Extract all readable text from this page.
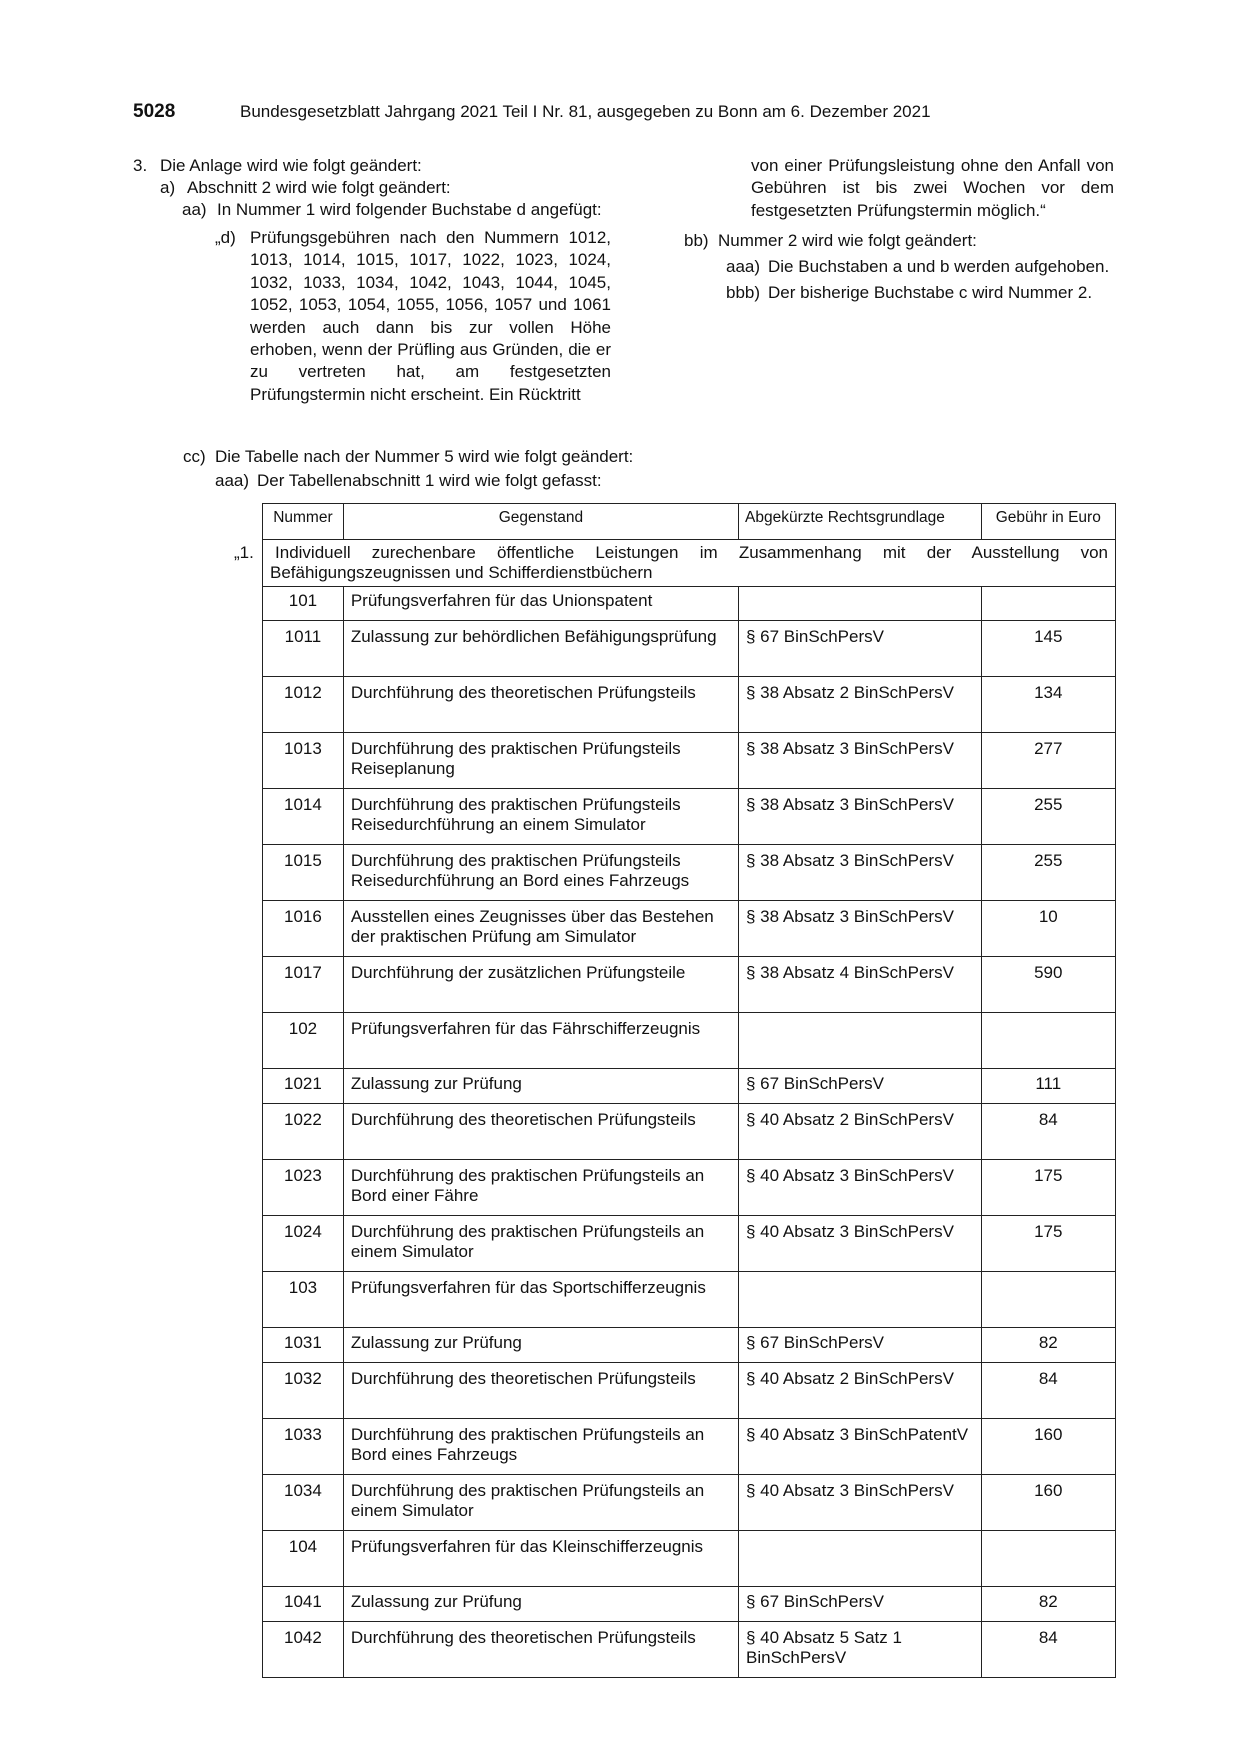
5028	Bundesgesetzblatt Jahrgang 2021 Teil I Nr. 81, ausgegeben zu Bonn am 6. Dezember 2021
3. Die Anlage wird wie folgt geändert:
a) Abschnitt 2 wird wie folgt geändert:
aa) In Nummer 1 wird folgender Buchstabe d angefügt:
„d) Prüfungsgebühren nach den Nummern 1012, 1013, 1014, 1015, 1017, 1022, 1023, 1024, 1032, 1033, 1034, 1042, 1043, 1044, 1045, 1052, 1053, 1054, 1055, 1056, 1057 und 1061 werden auch dann bis zur vollen Höhe erhoben, wenn der Prüfling aus Gründen, die er zu vertreten hat, am festgesetzten Prüfungstermin nicht erscheint. Ein Rücktritt
von einer Prüfungsleistung ohne den Anfall von Gebühren ist bis zwei Wochen vor dem festgesetzten Prüfungstermin möglich.“
bb) Nummer 2 wird wie folgt geändert:
aaa) Die Buchstaben a und b werden aufgehoben.
bbb) Der bisherige Buchstabe c wird Nummer 2.
cc) Die Tabelle nach der Nummer 5 wird wie folgt geändert:
aaa) Der Tabellenabschnitt 1 wird wie folgt gefasst:
Nummer	Gegenstand	Abgekürzte Rechtsgrundlage	Gebühr in Euro
„1. Individuell zurechenbare öffentliche Leistungen im Zusammenhang mit der Ausstellung von Befähigungszeugnissen und Schifferdienstbüchern			
101	Prüfungsverfahren für das Unionspatent		
1011	Zulassung zur behördlichen Befähigungsprüfung	§ 67 BinSchPersV	145
1012	Durchführung des theoretischen Prüfungsteils	§ 38 Absatz 2 BinSchPersV	134
1013	Durchführung des praktischen Prüfungsteils Reiseplanung	§ 38 Absatz 3 BinSchPersV	277
1014	Durchführung des praktischen Prüfungsteils Reisedurchführung an einem Simulator	§ 38 Absatz 3 BinSchPersV	255
1015	Durchführung des praktischen Prüfungsteils Reisedurchführung an Bord eines Fahrzeugs	§ 38 Absatz 3 BinSchPersV	255
1016	Ausstellen eines Zeugnisses über das Bestehen der praktischen Prüfung am Simulator	§ 38 Absatz 3 BinSchPersV	10
1017	Durchführung der zusätzlichen Prüfungsteile	§ 38 Absatz 4 BinSchPersV	590
102	Prüfungsverfahren für das Fährschifferzeugnis		
1021	Zulassung zur Prüfung	§ 67 BinSchPersV	111
1022	Durchführung des theoretischen Prüfungsteils	§ 40 Absatz 2 BinSchPersV	84
1023	Durchführung des praktischen Prüfungsteils an Bord einer Fähre	§ 40 Absatz 3 BinSchPersV	175
1024	Durchführung des praktischen Prüfungsteils an einem Simulator	§ 40 Absatz 3 BinSchPersV	175
103	Prüfungsverfahren für das Sportschifferzeugnis		
1031	Zulassung zur Prüfung	§ 67 BinSchPersV	82
1032	Durchführung des theoretischen Prüfungsteils	§ 40 Absatz 2 BinSchPersV	84
1033	Durchführung des praktischen Prüfungsteils an Bord eines Fahrzeugs	§ 40 Absatz 3 BinSchPatentV	160
1034	Durchführung des praktischen Prüfungsteils an einem Simulator	§ 40 Absatz 3 BinSchPersV	160
104	Prüfungsverfahren für das Kleinschifferzeugnis		
1041	Zulassung zur Prüfung	§ 67 BinSchPersV	82
1042	Durchführung des theoretischen Prüfungsteils	§ 40 Absatz 5 Satz 1 BinSchPersV	84
